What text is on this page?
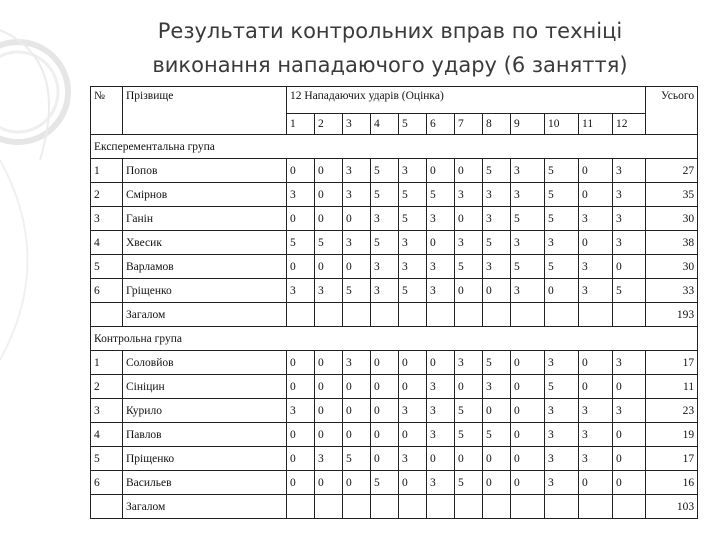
Результати контрольних вправ по техніці
виконання нападаючого удару (6 заняття)
№	Прізвище	12 Нападаючих ударів (Оцінка)												Усього
		1	2	3	4	5	6	7	8	9	10	11	12	
Експерементальна група														
1	Попов	0	0	3	5	3	0	0	5	3	5	0	3	27
2	Смірнов	3	0	3	5	5	5	3	3	3	5	0	3	35
3	Ганін	0	0	0	3	5	3	0	3	5	5	3	3	30
4	Хвесик	5	5	3	5	3	0	3	5	3	3	0	3	38
5	Варламов	0	0	0	3	3	3	5	3	5	5	3	0	30
6	Гріщенко	3	3	5	3	5	3	0	0	3	0	3	5	33
	Загалом													193
Контрольна група														
1	Соловйов	0	0	3	0	0	0	3	5	0	3	0	3	17
2	Сініцин	0	0	0	0	0	3	0	3	0	5	0	0	11
3	Курило	3	0	0	0	3	3	5	0	0	3	3	3	23
4	Павлов	0	0	0	0	0	3	5	5	0	3	3	0	19
5	Пріщенко	0	3	5	0	3	0	0	0	0	3	3	0	17
6	Васильев	0	0	0	5	0	3	5	0	0	3	0	0	16
	Загалом													103
